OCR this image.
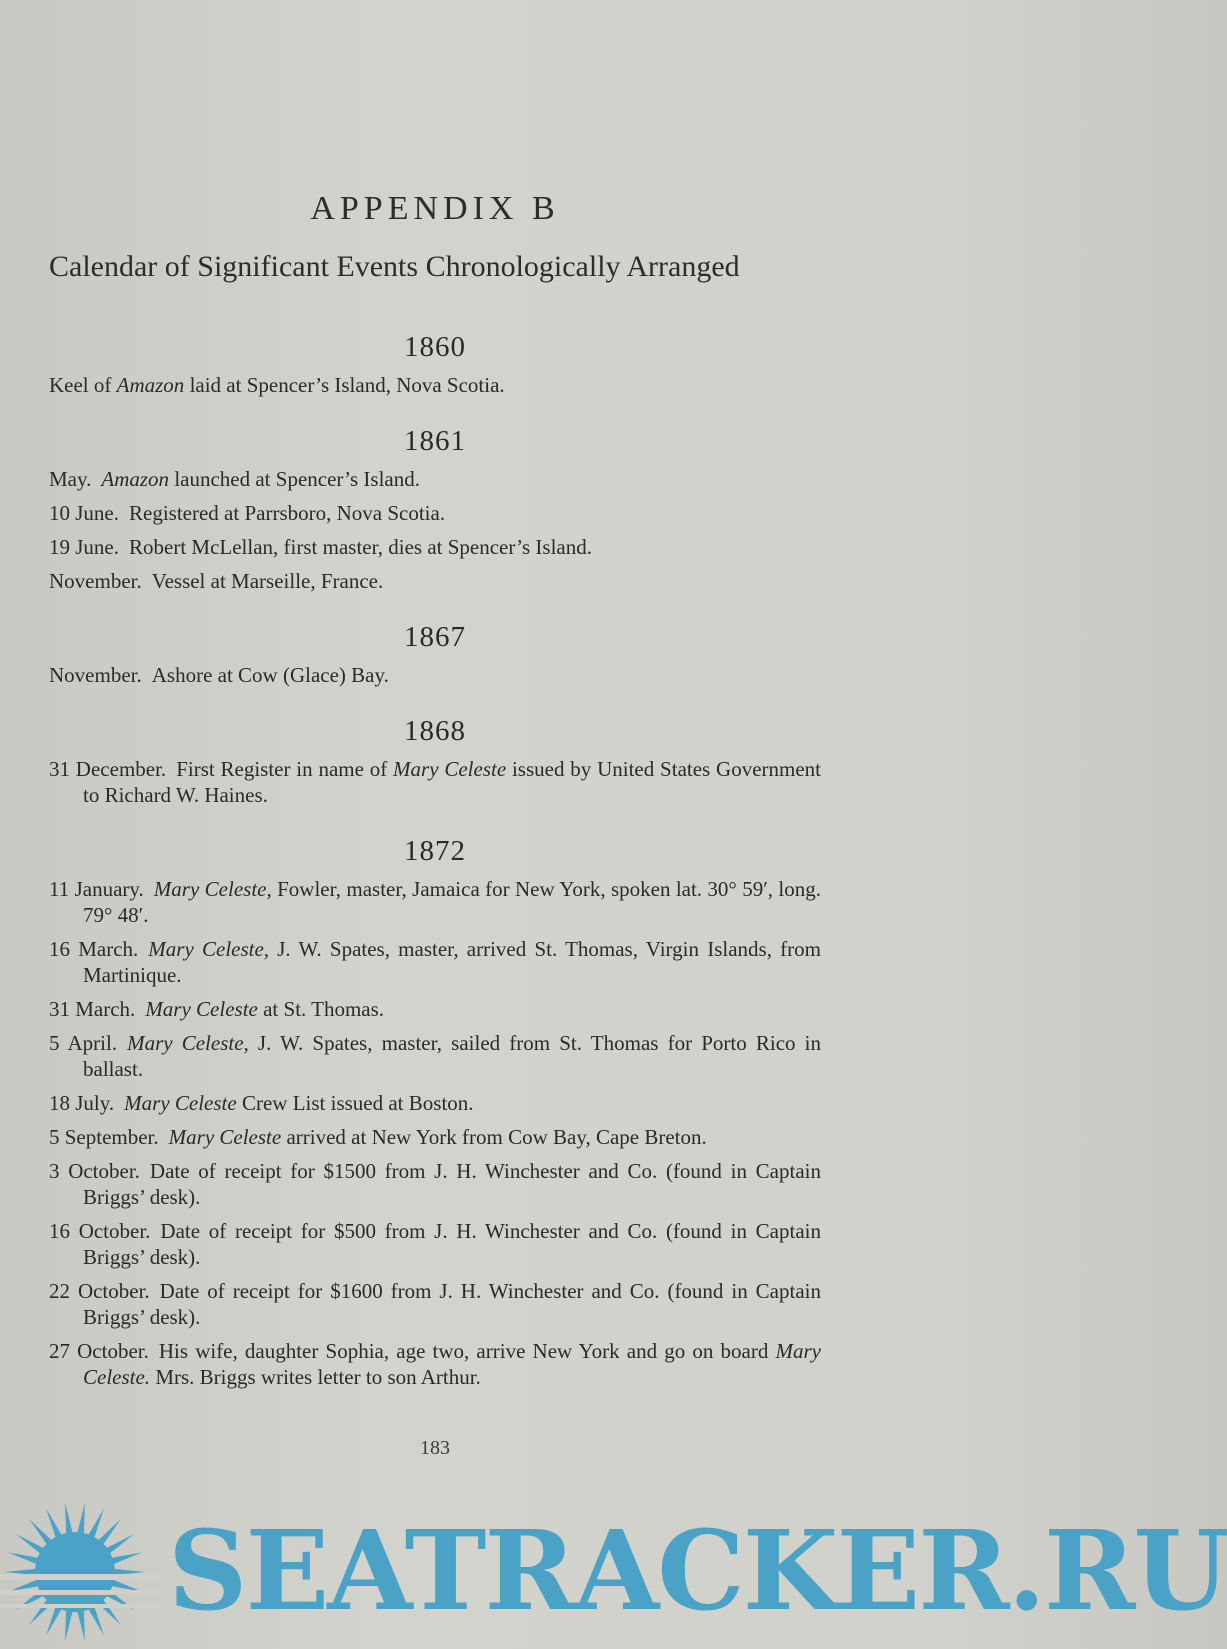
APPENDIX B
Calendar of Significant Events Chronologically Arranged
1860
Keel of Amazon laid at Spencer’s Island, Nova Scotia.
1861
May. Amazon launched at Spencer’s Island.
10 June. Registered at Parrsboro, Nova Scotia.
19 June. Robert McLellan, first master, dies at Spencer’s Island.
November. Vessel at Marseille, France.
1867
November. Ashore at Cow (Glace) Bay.
1868
31 December. First Register in name of Mary Celeste issued by United States Government to Richard W. Haines.
1872
11 January. Mary Celeste, Fowler, master, Jamaica for New York, spoken lat. 30° 59′, long. 79° 48′.
16 March. Mary Celeste, J. W. Spates, master, arrived St. Thomas, Virgin Islands, from Martinique.
31 March. Mary Celeste at St. Thomas.
5 April. Mary Celeste, J. W. Spates, master, sailed from St. Thomas for Porto Rico in ballast.
18 July. Mary Celeste Crew List issued at Boston.
5 September. Mary Celeste arrived at New York from Cow Bay, Cape Breton.
3 October. Date of receipt for $1500 from J. H. Winchester and Co. (found in Captain Briggs’ desk).
16 October. Date of receipt for $500 from J. H. Winchester and Co. (found in Captain Briggs’ desk).
22 October. Date of receipt for $1600 from J. H. Winchester and Co. (found in Captain Briggs’ desk).
27 October. His wife, daughter Sophia, age two, arrive New York and go on board Mary Celeste. Mrs. Briggs writes letter to son Arthur.
183
SEATRACKER.RU
